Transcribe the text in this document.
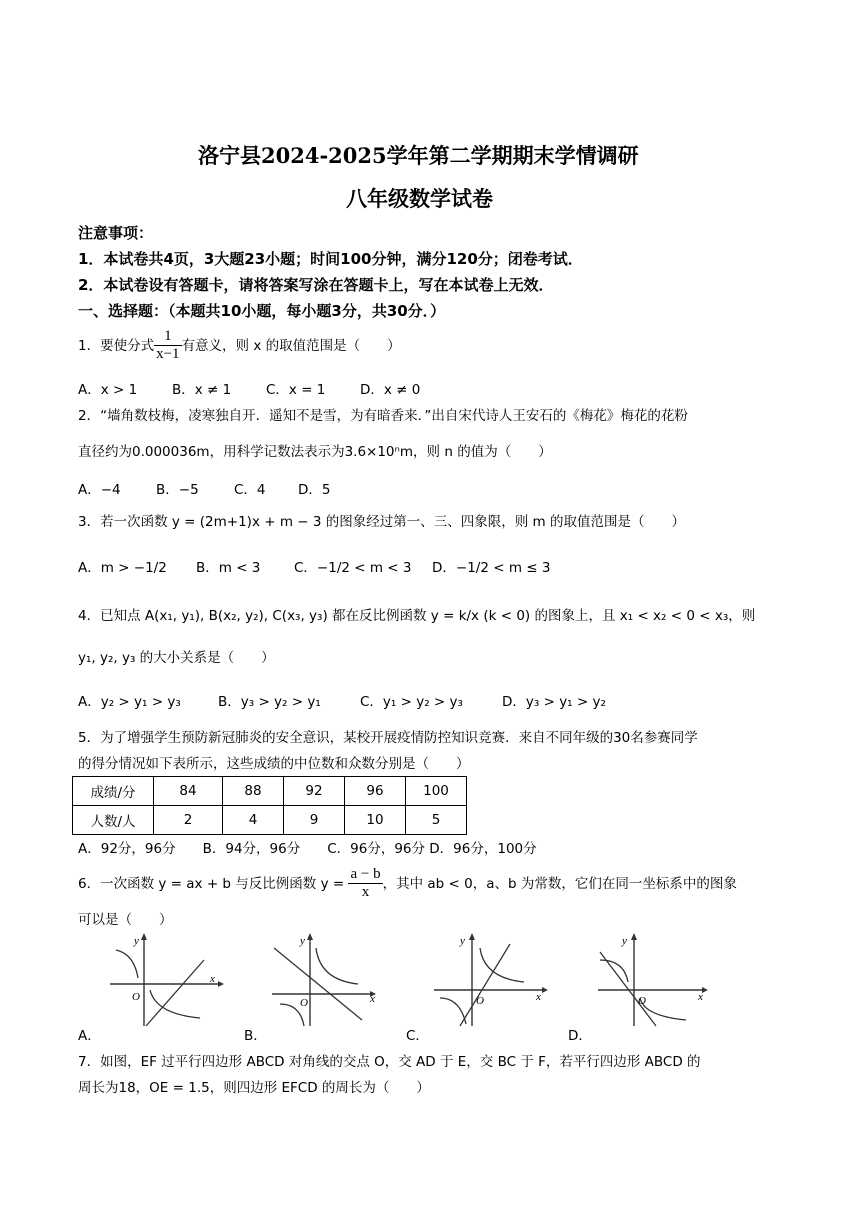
洛宁县2024-2025学年第二学期期末学情调研
八年级数学试卷
注意事项：
1．本试卷共4页，3大题23小题；时间100分钟，满分120分；闭卷考试．
2．本试卷设有答题卡，请将答案写涂在答题卡上，写在本试卷上无效．
一、选择题：（本题共10小题，每小题3分，共30分．）
1．要使分式 $\frac{1}{x-1}$ 有意义，则 x 的取值范围是（　　）
A．x > 1	B．x ≠ 1	C．x = 1	D．x ≠ 0
2．“墙角数枝梅，凌寒独自开．遥知不是雪，为有暗香来．”出自宋代诗人王安石的《梅花》梅花的花粉
直径约为0.000036m，用科学记数法表示为3.6×10ⁿm，则 n 的值为（　　）
A．−4	B．−5	C．4 D．5
3．若一次函数 y = (2m+1)x + m − 3 的图象经过第一、三、四象限，则 m 的取值范围是（　　）
A．m > −1/2 B．m < 3 C．−1/2 < m < 3 D．−1/2 < m ≤ 3
4．已知点 A(x₁, y₁), B(x₂, y₂), C(x₃, y₃) 都在反比例函数 y = k/x (k < 0) 的图象上，且 x₁ < x₂ < 0 < x₃，则
y₁, y₂, y₃ 的大小关系是（　　）
A．y₂ > y₁ > y₃	B．y₃ > y₂ > y₁	C．y₁ > y₂ > y₃	D．y₃ > y₁ > y₂
5．为了增强学生预防新冠肺炎的安全意识，某校开展疫情防控知识竞赛．来自不同年级的30名参赛同学
的得分情况如下表所示，这些成绩的中位数和众数分别是（　　）
成绩/分	84	88	92	96	100
人数/人	2	4	9	10	5
A．92分，96分　　B．94分，96分　　C．96分，96分 D．96分，100分
6．一次函数 y = ax + b 与反比例函数 $y = \frac{a - b}{x}$ ，其中 ab < 0，a、b 为常数，它们在同一坐标系中的图象
可以是（　　）
y
x
O
A．
y
x
O
B．
y
x
O
C．
y
x
O
D．
7．如图，EF 过平行四边形 ABCD 对角线的交点 O，交 AD 于 E，交 BC 于 F，若平行四边形 ABCD 的
周长为18，OE = 1.5，则四边形 EFCD 的周长为（　　）
